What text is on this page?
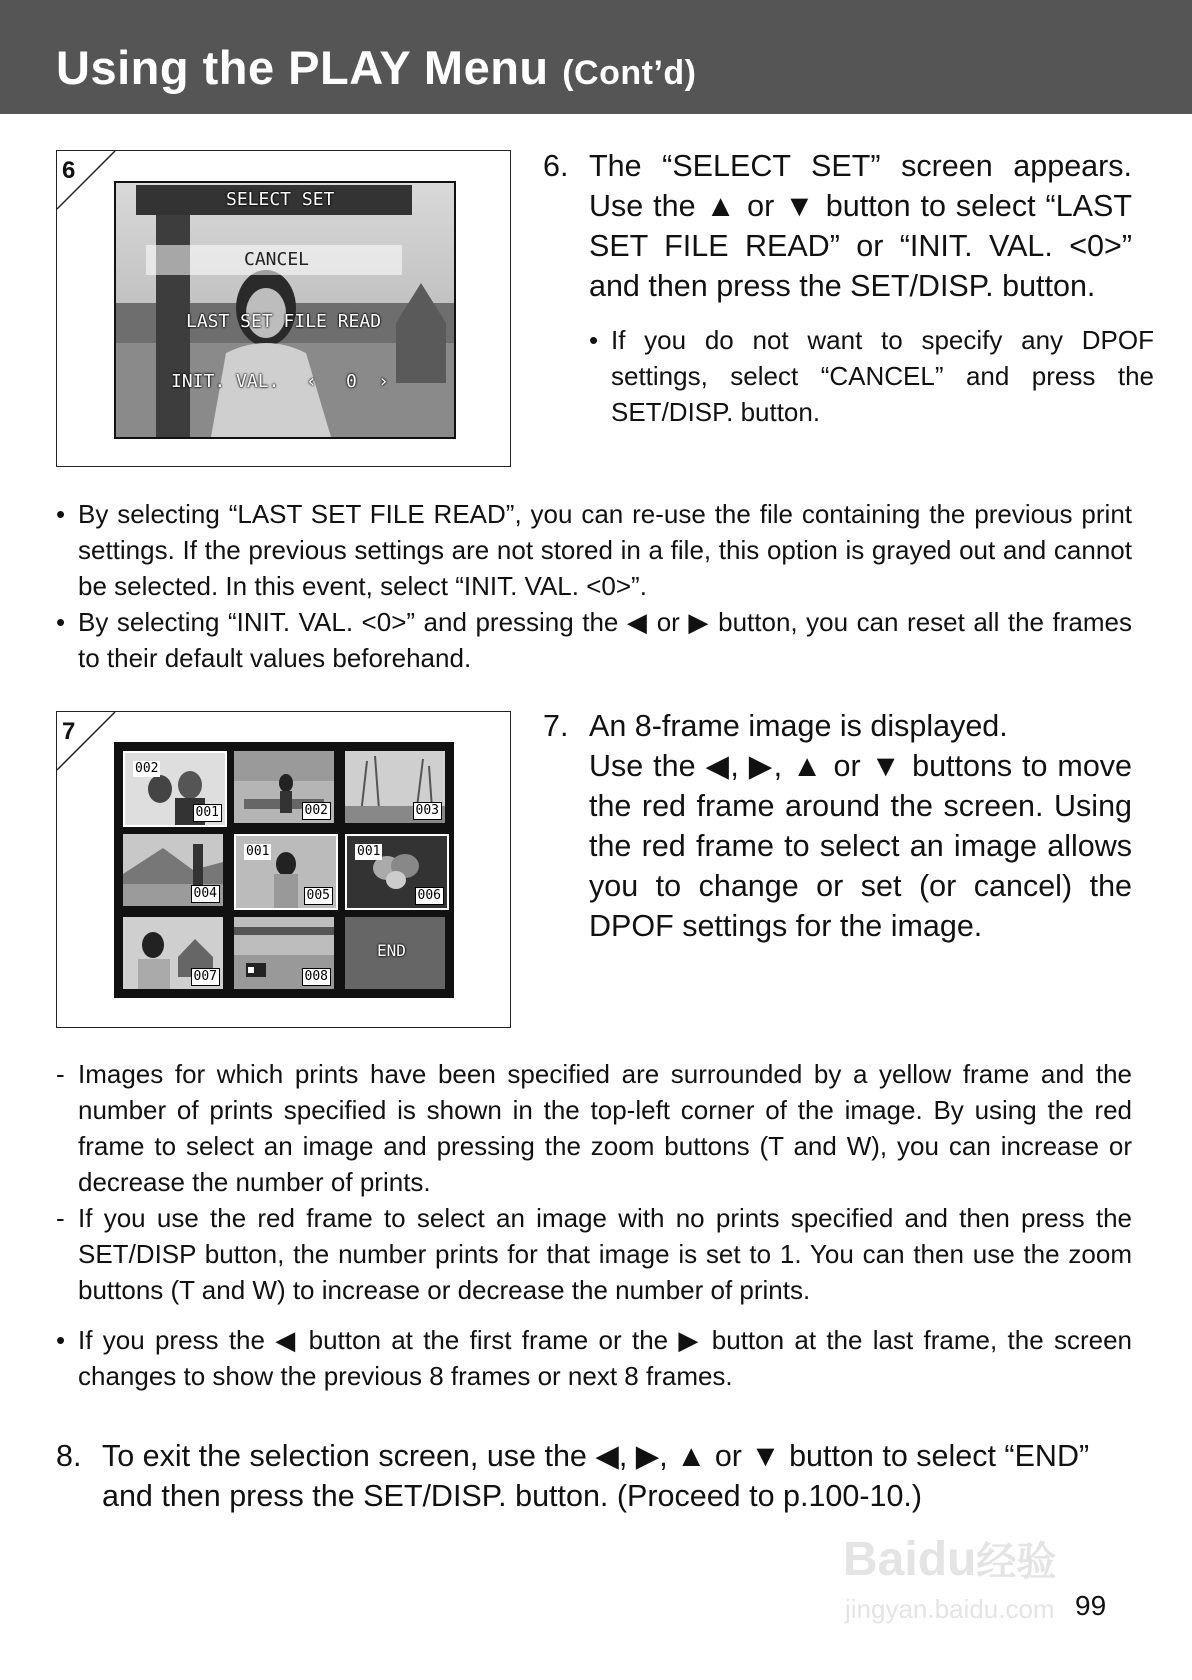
Using the PLAY Menu (Cont’d)
6
SELECT SET
CANCEL
LAST SET FILE READ
INIT. VAL. ‹ 0 ›
6. The “SELECT SET” screen appears. Use the ▲ or ▼ button to select “LAST SET FILE READ” or “INIT. VAL. <0>” and then press the SET/DISP. button.
• If you do not want to specify any DPOF settings, select “CANCEL” and press the SET/DISP. button.
• By selecting “LAST SET FILE READ”, you can re-use the file containing the previous print settings. If the previous settings are not stored in a file, this option is grayed out and cannot be selected. In this event, select “INIT. VAL. <0>”.
• By selecting “INIT. VAL. <0>” and pressing the ◀ or ▶ button, you can reset all the frames to their default values beforehand.
7
002
001	002	003
004
001
005
001
006
007	008
END
7. An 8-frame image is displayed.
Use the ◀, ▶, ▲ or ▼ buttons to move the red frame around the screen. Using the red frame to select an image allows you to change or set (or cancel) the DPOF settings for the image.
- Images for which prints have been specified are surrounded by a yellow frame and the number of prints specified is shown in the top-left corner of the image. By using the red frame to select an image and pressing the zoom buttons (T and W), you can increase or decrease the number of prints.
- If you use the red frame to select an image with no prints specified and then press the SET/DISP button, the number prints for that image is set to 1. You can then use the zoom buttons (T and W) to increase or decrease the number of prints.
• If you press the ◀ button at the first frame or the ▶ button at the last frame, the screen changes to show the previous 8 frames or next 8 frames.
8. To exit the selection screen, use the ◀, ▶, ▲ or ▼ button to select “END” and then press the SET/DISP. button. (Proceed to p.100-10.)
Baidu经验
jingyan.baidu.com 99
